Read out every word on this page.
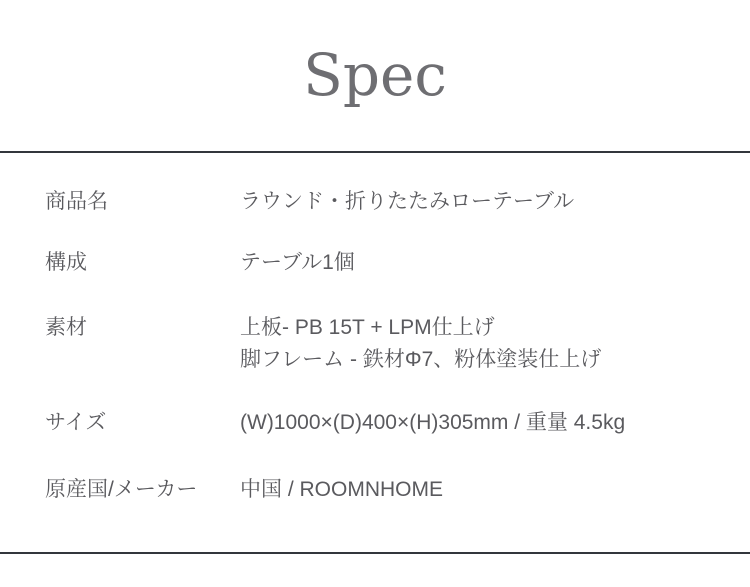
Spec
商品名	ラウンド・折りたたみローテーブル
構成	テーブル1個
素材	上板- PB 15T + LPM仕上げ
脚フレーム - 鉄材Φ7、粉体塗装仕上げ
サイズ	(W)1000×(D)400×(H)305mm / 重量 4.5kg
原産国/メーカー	中国 / ROOMNHOME
